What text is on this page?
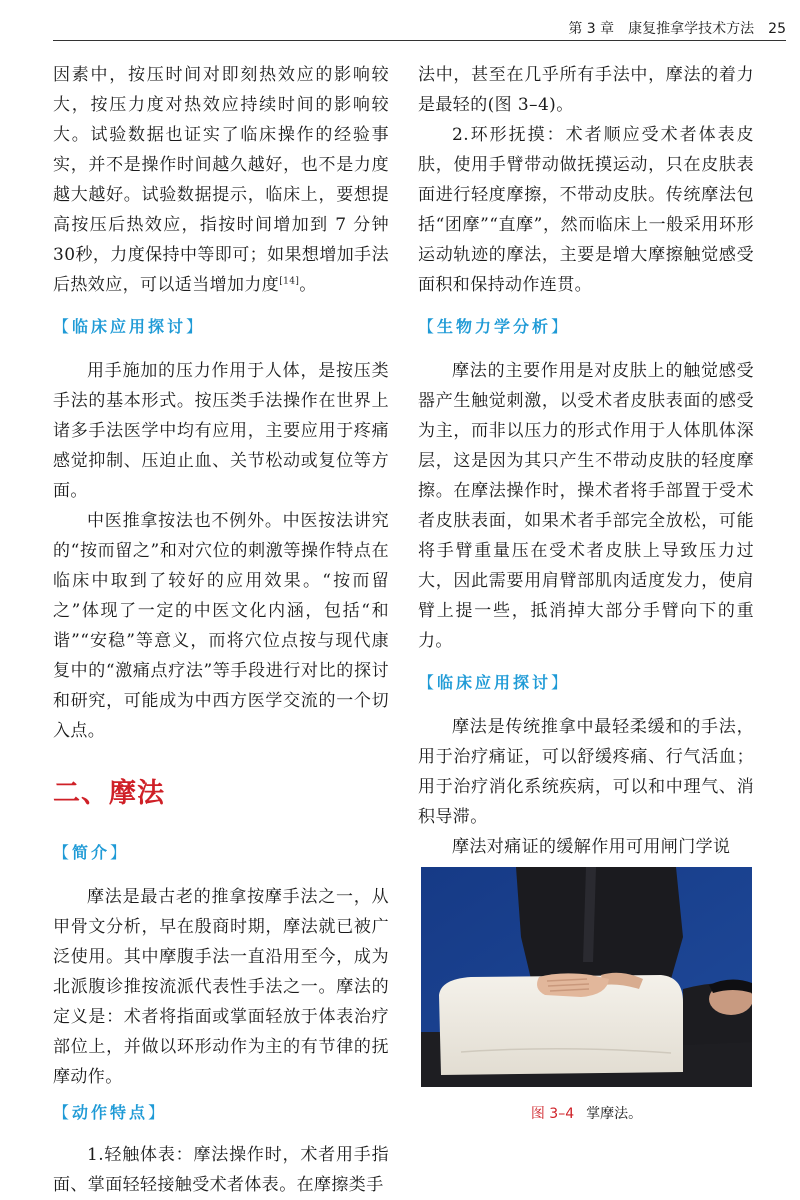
第 3 章 康复推拿学技术方法 25

因素中，按压时间对即刻热效应的影响较大，按压力度对热效应持续时间的影响较大。试验数据也证实了临床操作的经验事实，并不是操作时间越久越好，也不是力度越大越好。试验数据提示，临床上，要想提高按压后热效应，指按时间增加到 7 分钟 30秒，力度保持中等即可；如果想增加手法后热效应，可以适当增加力度[14]。

【临床应用探讨】

用手施加的压力作用于人体，是按压类手法的基本形式。按压类手法操作在世界上诸多手法医学中均有应用，主要应用于疼痛感觉抑制、压迫止血、关节松动或复位等方面。

中医推拿按法也不例外。中医按法讲究的“按而留之”和对穴位的刺激等操作特点在临床中取到了较好的应用效果。“按而留之”体现了一定的中医文化内涵，包括“和谐”“安稳”等意义，而将穴位点按与现代康复中的“激痛点疗法”等手段进行对比的探讨和研究，可能成为中西方医学交流的一个切入点。

二、摩法
【简介】

摩法是最古老的推拿按摩手法之一，从甲骨文分析，早在殷商时期，摩法就已被广泛使用。其中摩腹手法一直沿用至今，成为北派腹诊推按流派代表性手法之一。摩法的定义是：术者将指面或掌面轻放于体表治疗部位上，并做以环形动作为主的有节律的抚摩动作。

【动作特点】

1.轻触体表：摩法操作时，术者用手指面、掌面轻轻接触受术者体表。在摩擦类手

法中，甚至在几乎所有手法中，摩法的着力是最轻的(图 3–4)。

2.环形抚摸：术者顺应受术者体表皮肤，使用手臂带动做抚摸运动，只在皮肤表面进行轻度摩擦，不带动皮肤。传统摩法包括“团摩”“直摩”，然而临床上一般采用环形运动轨迹的摩法，主要是增大摩擦触觉感受面积和保持动作连贯。

【生物力学分析】

摩法的主要作用是对皮肤上的触觉感受器产生触觉刺激，以受术者皮肤表面的感受为主，而非以压力的形式作用于人体肌体深层，这是因为其只产生不带动皮肤的轻度摩擦。在摩法操作时，操术者将手部置于受术者皮肤表面，如果术者手部完全放松，可能将手臂重量压在受术者皮肤上导致压力过大，因此需要用肩臂部肌肉适度发力，使肩臂上提一些，抵消掉大部分手臂向下的重力。

【临床应用探讨】

摩法是传统推拿中最轻柔缓和的手法，用于治疗痛证，可以舒缓疼痛、行气活血；用于治疗消化系统疾病，可以和中理气、消积导滞。

摩法对痛证的缓解作用可用闸门学说

图 3–4 掌摩法。
